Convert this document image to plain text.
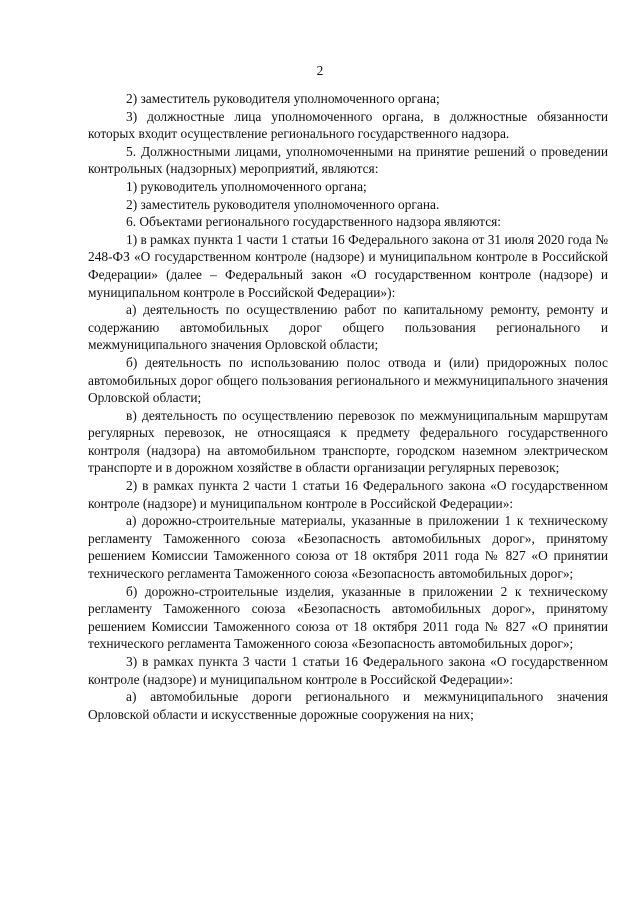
2

2) заместитель руководителя уполномоченного органа;

3) должностные лица уполномоченного органа, в должностные обязанности которых входит осуществление регионального государственного надзора.

5. Должностными лицами, уполномоченными на принятие решений о проведении контрольных (надзорных) мероприятий, являются:

1) руководитель уполномоченного органа;

2) заместитель руководителя уполномоченного органа.

6. Объектами регионального государственного надзора являются:

1) в рамках пункта 1 части 1 статьи 16 Федерального закона от 31 июля 2020 года № 248-ФЗ «О государственном контроле (надзоре) и муниципальном контроле в Российской Федерации» (далее – Федеральный закон «О государственном контроле (надзоре) и муниципальном контроле в Российской Федерации»):

а) деятельность по осуществлению работ по капитальному ремонту, ремонту и содержанию автомобильных дорог общего пользования регионального и межмуниципального значения Орловской области;

б) деятельность по использованию полос отвода и (или) придорожных полос автомобильных дорог общего пользования регионального и межмуниципального значения Орловской области;

в) деятельность по осуществлению перевозок по межмуниципальным маршрутам регулярных перевозок, не относящаяся к предмету федерального государственного контроля (надзора) на автомобильном транспорте, городском наземном электрическом транспорте и в дорожном хозяйстве в области организации регулярных перевозок;

2) в рамках пункта 2 части 1 статьи 16 Федерального закона «О государственном контроле (надзоре) и муниципальном контроле в Российской Федерации»:

а) дорожно-строительные материалы, указанные в приложении 1 к техническому регламенту Таможенного союза «Безопасность автомобильных дорог», принятому решением Комиссии Таможенного союза от 18 октября 2011 года № 827 «О принятии технического регламента Таможенного союза «Безопасность автомобильных дорог»;

б) дорожно-строительные изделия, указанные в приложении 2 к техническому регламенту Таможенного союза «Безопасность автомобильных дорог», принятому решением Комиссии Таможенного союза от 18 октября 2011 года № 827 «О принятии технического регламента Таможенного союза «Безопасность автомобильных дорог»;

3) в рамках пункта 3 части 1 статьи 16 Федерального закона «О государственном контроле (надзоре) и муниципальном контроле в Российской Федерации»:

а) автомобильные дороги регионального и межмуниципального значения Орловской области и искусственные дорожные сооружения на них;
